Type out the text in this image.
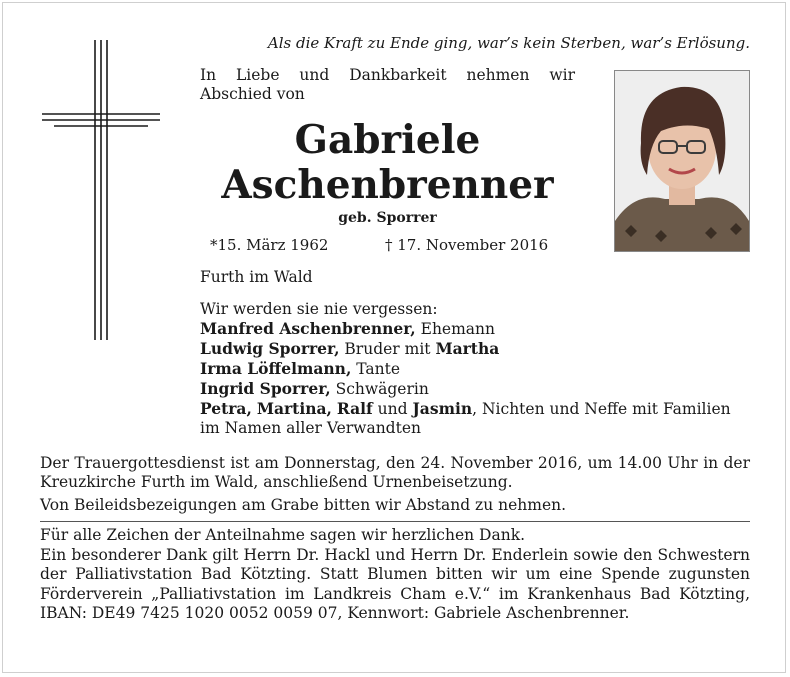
Als die Kraft zu Ende ging, war’s kein Sterben, war’s Erlösung.
In Liebe und Dankbarkeit nehmen wir Abschied von
Gabriele
Aschenbrenner
geb. Sporrer
*15. März 1962	† 17. November 2016
Furth im Wald
Wir werden sie nie vergessen:
Manfred Aschenbrenner, Ehemann
Ludwig Sporrer, Bruder mit Martha
Irma Löffelmann, Tante
Ingrid Sporrer, Schwägerin
Petra, Martina, Ralf und Jasmin, Nichten und Neffe mit Familien
im Namen aller Verwandten
Der Trauergottesdienst ist am Donnerstag, den 24. November 2016, um 14.00 Uhr in der Kreuzkirche Furth im Wald, anschließend Urnenbeisetzung.
Von Beileidsbezeigungen am Grabe bitten wir Abstand zu nehmen.
Für alle Zeichen der Anteilnahme sagen wir herzlichen Dank.
Ein besonderer Dank gilt Herrn Dr. Hackl und Herrn Dr. Enderlein sowie den Schwestern der Palliativstation Bad Kötzting. Statt Blumen bitten wir um eine Spende zugunsten Förderverein „Palliativstation im Landkreis Cham e.V.“ im Krankenhaus Bad Kötzting, IBAN: DE49 7425 1020 0052 0059 07, Kennwort: Gabriele Aschenbrenner.
